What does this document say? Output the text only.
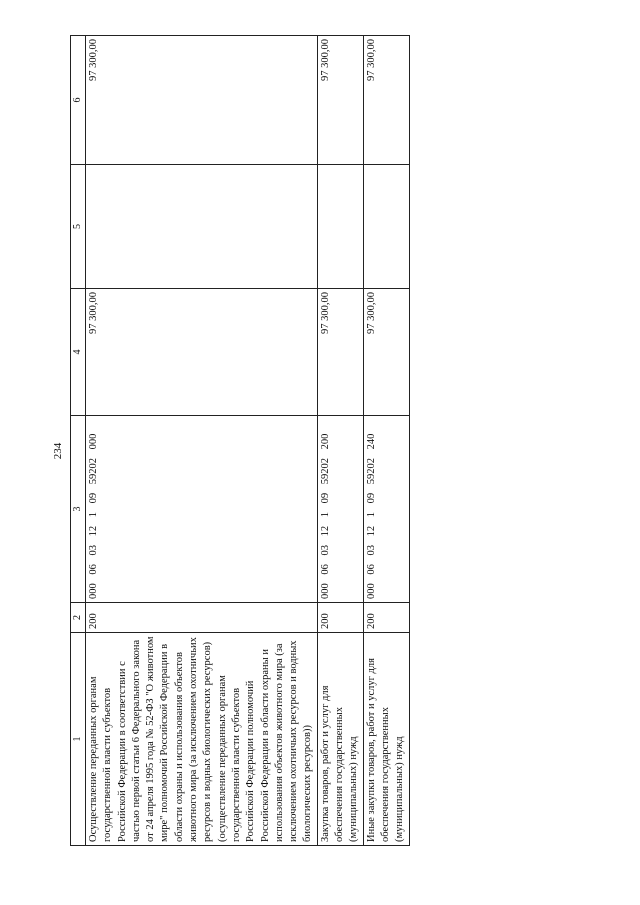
234
1	2	3	4	5	6
Осуществление переданных органам государственной власти субъектов Российской Федерации в соответствии с частью первой статьи 6 Федерального закона от 24 апреля 1995 года № 52-ФЗ "О животном мире" полномочий Российской Федерации в области охраны и использования объектов животного мира (за исключением охотничьих ресурсов и водных биологических ресурсов) (осуществление переданных органам государственной власти субъектов Российской Федерации полномочий Российской Федерации в области охраны и использования объектов животного мира (за исключением охотничьих ресурсов и водных биологических ресурсов))	200	000 06 03 12 1 09 59202 000	97 300,00		97 300,00
Закупка товаров, работ и услуг для обеспечения государственных (муниципальных) нужд	200	000 06 03 12 1 09 59202 200	97 300,00		97 300,00
Иные закупки товаров, работ и услуг для обеспечения государственных (муниципальных) нужд	200	000 06 03 12 1 09 59202 240	97 300,00		97 300,00
